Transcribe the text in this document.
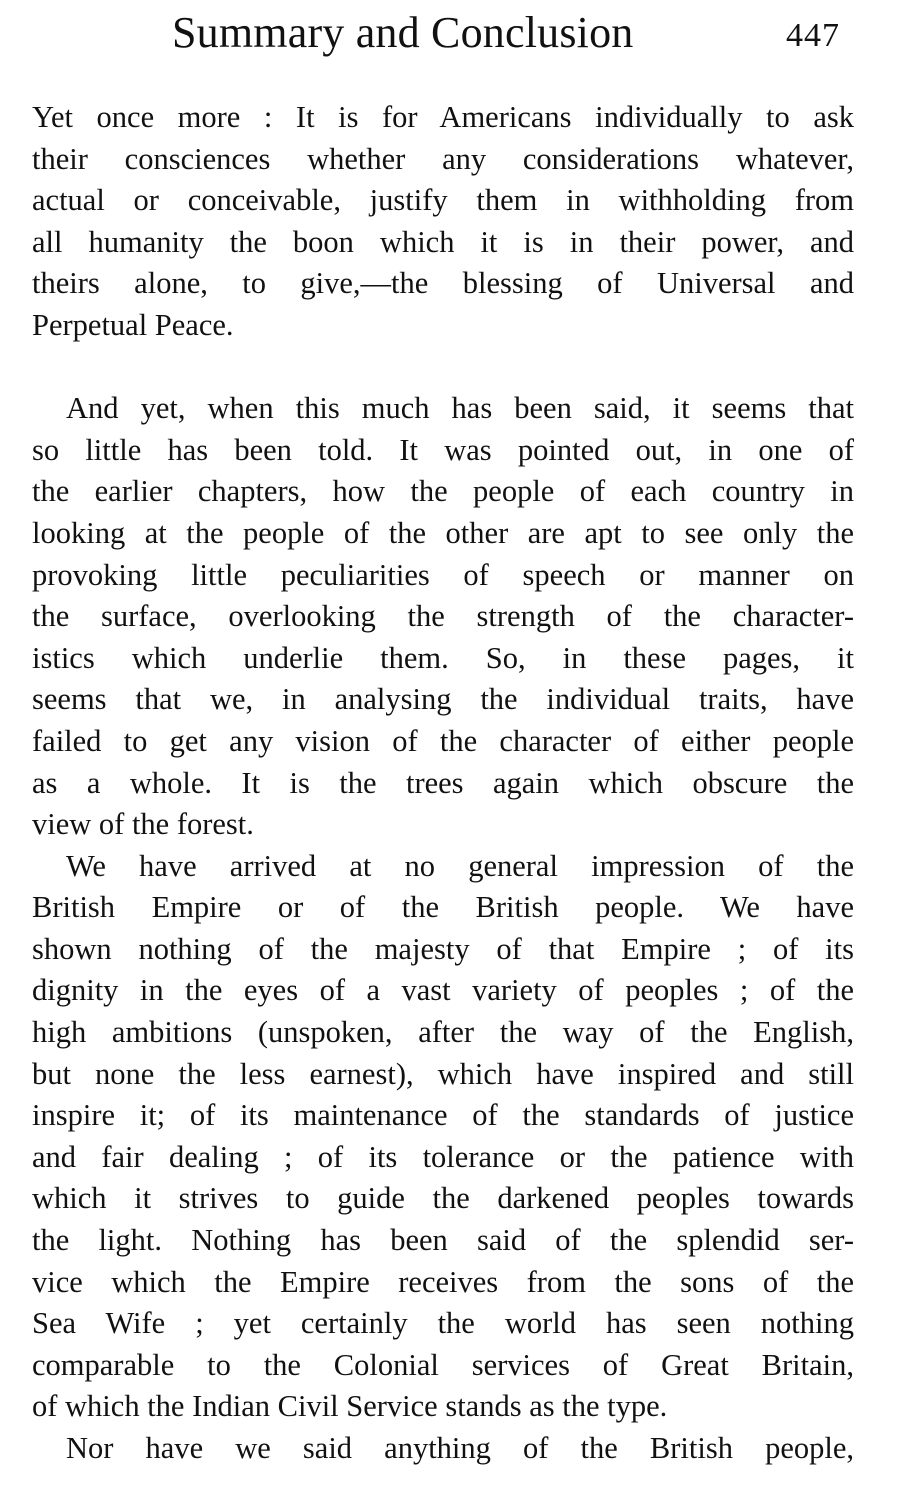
Summary and Conclusion	447
Yet once more : It is for Americans individually to ask
their consciences whether any considerations whatever,
actual or conceivable, justify them in withholding from
all humanity the boon which it is in their power, and
theirs alone, to give,—the blessing of Universal and
Perpetual Peace.
And yet, when this much has been said, it seems that
so little has been told. It was pointed out, in one of
the earlier chapters, how the people of each country in
looking at the people of the other are apt to see only the
provoking little peculiarities of speech or manner on
the surface, overlooking the strength of the character-
istics which underlie them. So, in these pages, it
seems that we, in analysing the individual traits, have
failed to get any vision of the character of either people
as a whole. It is the trees again which obscure the
view of the forest.
We have arrived at no general impression of the
British Empire or of the British people. We have
shown nothing of the majesty of that Empire ; of its
dignity in the eyes of a vast variety of peoples ; of the
high ambitions (unspoken, after the way of the English,
but none the less earnest), which have inspired and still
inspire it; of its maintenance of the standards of justice
and fair dealing ; of its tolerance or the patience with
which it strives to guide the darkened peoples towards
the light. Nothing has been said of the splendid ser-
vice which the Empire receives from the sons of the
Sea Wife ; yet certainly the world has seen nothing
comparable to the Colonial services of Great Britain,
of which the Indian Civil Service stands as the type.
Nor have we said anything of the British people,
